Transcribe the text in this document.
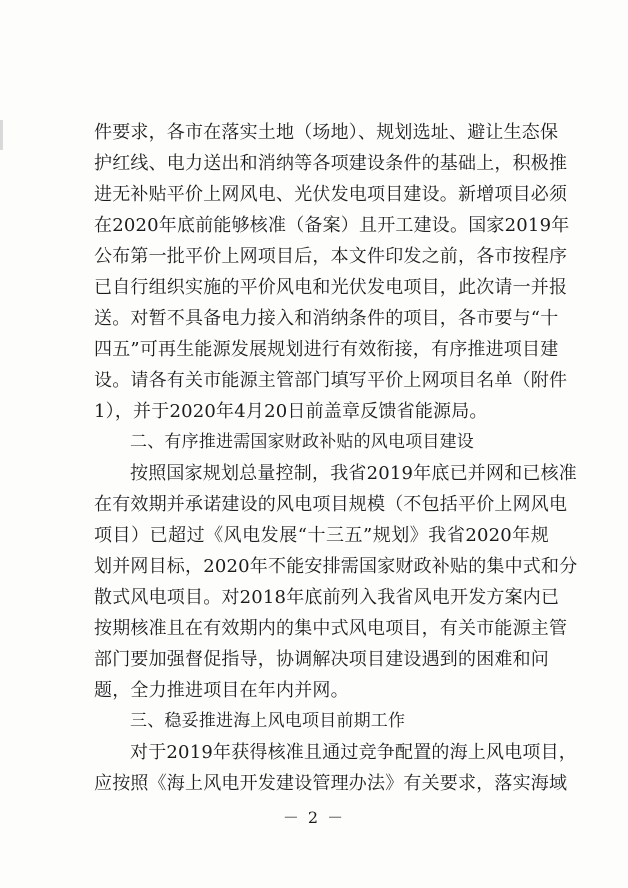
件要求，各市在落实土地（场地）、规划选址、避让生态保
护红线、电力送出和消纳等各项建设条件的基础上，积极推
进无补贴平价上网风电、光伏发电项目建设。新增项目必须
在2020年底前能够核准（备案）且开工建设。国家2019年
公布第一批平价上网项目后，本文件印发之前，各市按程序
已自行组织实施的平价风电和光伏发电项目，此次请一并报
送。对暂不具备电力接入和消纳条件的项目，各市要与“十
四五”可再生能源发展规划进行有效衔接，有序推进项目建
设。请各有关市能源主管部门填写平价上网项目名单（附件
1），并于2020年4月20日前盖章反馈省能源局。
二、有序推进需国家财政补贴的风电项目建设
按照国家规划总量控制，我省2019年底已并网和已核准
在有效期并承诺建设的风电项目规模（不包括平价上网风电
项目）已超过《风电发展“十三五”规划》我省2020年规
划并网目标，2020年不能安排需国家财政补贴的集中式和分
散式风电项目。对2018年底前列入我省风电开发方案内已
按期核准且在有效期内的集中式风电项目，有关市能源主管
部门要加强督促指导，协调解决项目建设遇到的困难和问
题，全力推进项目在年内并网。
三、稳妥推进海上风电项目前期工作
对于2019年获得核准且通过竞争配置的海上风电项目，
应按照《海上风电开发建设管理办法》有关要求，落实海域
－ 2 －
